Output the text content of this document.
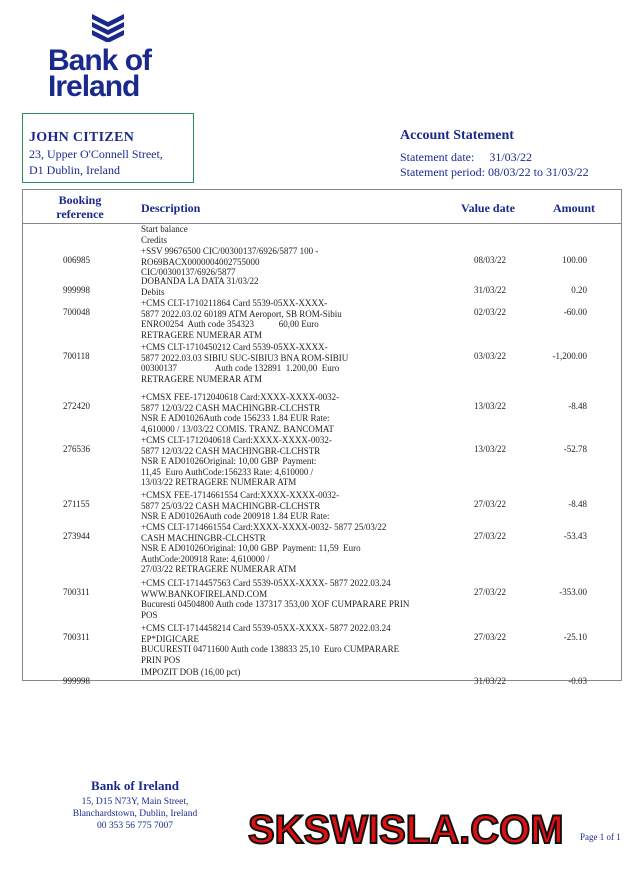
Bank of
Ireland
JOHN CITIZEN
23, Upper O'Connell Street,
D1 Dublin, Ireland
Account Statement
Statement date: 31/03/22
Statement period: 08/03/22 to 31/03/22
Booking
reference	Description	Value date	Amount
Start balance
Credits
006985
+SSV 99676500 CIC/00300137/6926/5877 100 -
RO69BACX0000004002755000
CIC/00300137/6926/5877
08/03/22	100.00
999998
DOBANDA LA DATA 31/03/22
31/03/22	0.20
Debits
700048
+CMS CLT-1710211864 Card 5539-05XX-XXXX-
5877 2022.03.02 60189 ATM Aeroport, SB ROM-Sibiu
ENRO0254  Auth code 354323           60,00 Euro
RETRAGERE NUMERAR ATM
02/03/22	-60.00
700118
+CMS CLT-1710450212 Card 5539-05XX-XXXX-
5877 2022.03.03 SIBIU SUC-SIBIU3 BNA ROM-SIBIU
00300137                 Auth code 132891  1.200,00  Euro
RETRAGERE NUMERAR ATM
03/03/22	-1,200.00
272420
+CMSX FEE-1712040618 Card:XXXX-XXXX-0032-
5877 12/03/22 CASH MACHINGBR-CLCHSTR
NSR E AD01026Auth code 156233 1.84 EUR Rate:
4,610000 / 13/03/22 COMIS. TRANZ. BANCOMAT
13/03/22	-8.48
276536
+CMS CLT-1712040618 Card:XXXX-XXXX-0032-
5877 12/03/22 CASH MACHINGBR-CLCHSTR
NSR E AD01026Original: 10,00 GBP  Payment:
11,45  Euro AuthCode:156233 Rate: 4,610000 /
13/03/22 RETRAGERE NUMERAR ATM
13/03/22	-52.78
271155
+CMSX FEE-1714661554 Card:XXXX-XXXX-0032-
5877 25/03/22 CASH MACHINGBR-CLCHSTR
NSR E AD01026Auth code 200918 1.84 EUR Rate:
27/03/22	-8.48
273944
+CMS CLT-1714661554 Card:XXXX-XXXX-0032- 5877 25/03/22
CASH MACHINGBR-CLCHSTR
NSR E AD01026Original: 10,00 GBP  Payment: 11,59  Euro
AuthCode:200918 Rate: 4,610000 /
27/03/22 RETRAGERE NUMERAR ATM
27/03/22	-53.43
700311
+CMS CLT-1714457563 Card 5539-05XX-XXXX- 5877 2022.03.24
WWW.BANKOFIRELAND.COM
Bucuresti 04504800 Auth code 137317 353,00 XOF CUMPARARE PRIN
POS
27/03/22	-353.00
700311
+CMS CLT-1714458214 Card 5539-05XX-XXXX- 5877 2022.03.24
EP*DIGICARE
BUCURESTI 04711600 Auth code 138833 25,10  Euro CUMPARARE
PRIN POS
27/03/22	-25.10
999998
IMPOZIT DOB (16,00 pct)
31/03/22	-0.03
Bank of Ireland
15, D15 N73Y, Main Street,
Blanchardstown, Dublin, Ireland
00 353 56 775 7007	SKSWISLA.COM Page 1 of 1
